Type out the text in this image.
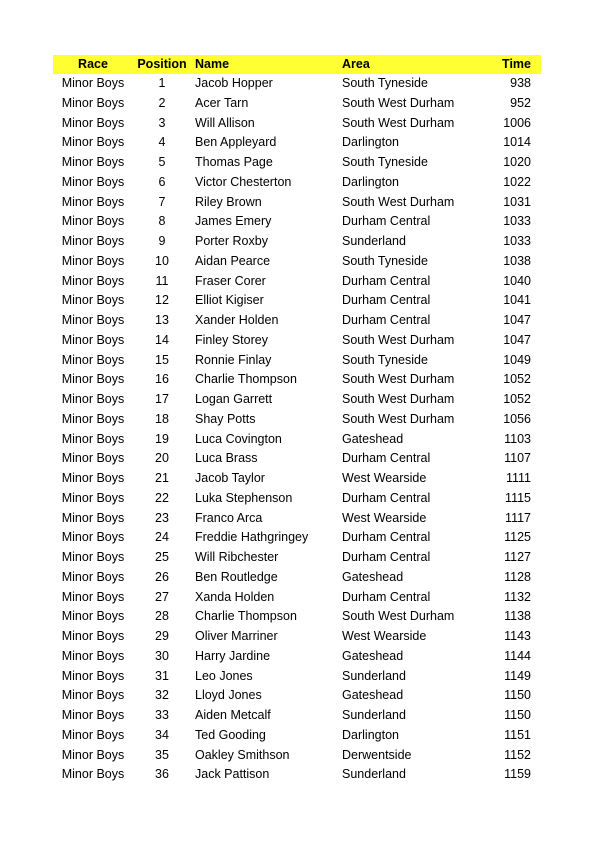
Race	Position Name	Area	Time
Minor Boys	1	Jacob Hopper	South Tyneside	938
Minor Boys	2	Acer Tarn	South West Durham	952
Minor Boys	3	Will Allison	South West Durham	1006
Minor Boys	4	Ben Appleyard	Darlington	1014
Minor Boys	5	Thomas Page	South Tyneside	1020
Minor Boys	6	Victor Chesterton	Darlington	1022
Minor Boys	7	Riley Brown	South West Durham	1031
Minor Boys	8	James Emery	Durham Central	1033
Minor Boys	9	Porter Roxby	Sunderland	1033
Minor Boys	10	Aidan Pearce	South Tyneside	1038
Minor Boys	11	Fraser Corer	Durham Central	1040
Minor Boys	12	Elliot Kigiser	Durham Central	1041
Minor Boys	13	Xander Holden	Durham Central	1047
Minor Boys	14	Finley Storey	South West Durham	1047
Minor Boys	15	Ronnie Finlay	South Tyneside	1049
Minor Boys	16	Charlie Thompson	South West Durham	1052
Minor Boys	17	Logan Garrett	South West Durham	1052
Minor Boys	18	Shay Potts	South West Durham	1056
Minor Boys	19	Luca Covington	Gateshead	1103
Minor Boys	20	Luca Brass	Durham Central	1107
Minor Boys	21	Jacob Taylor	West Wearside	1111
Minor Boys	22	Luka Stephenson	Durham Central	1115
Minor Boys	23	Franco Arca	West Wearside	1117
Minor Boys	24	Freddie Hathgringey	Durham Central	1125
Minor Boys	25	Will Ribchester	Durham Central	1127
Minor Boys	26	Ben Routledge	Gateshead	1128
Minor Boys	27	Xanda Holden	Durham Central	1132
Minor Boys	28	Charlie Thompson	South West Durham	1138
Minor Boys	29	Oliver Marriner	West Wearside	1143
Minor Boys	30	Harry Jardine	Gateshead	1144
Minor Boys	31	Leo Jones	Sunderland	1149
Minor Boys	32	Lloyd Jones	Gateshead	1150
Minor Boys	33	Aiden Metcalf	Sunderland	1150
Minor Boys	34	Ted Gooding	Darlington	1151
Minor Boys	35	Oakley Smithson	Derwentside	1152
Minor Boys	36	Jack Pattison	Sunderland	1159
